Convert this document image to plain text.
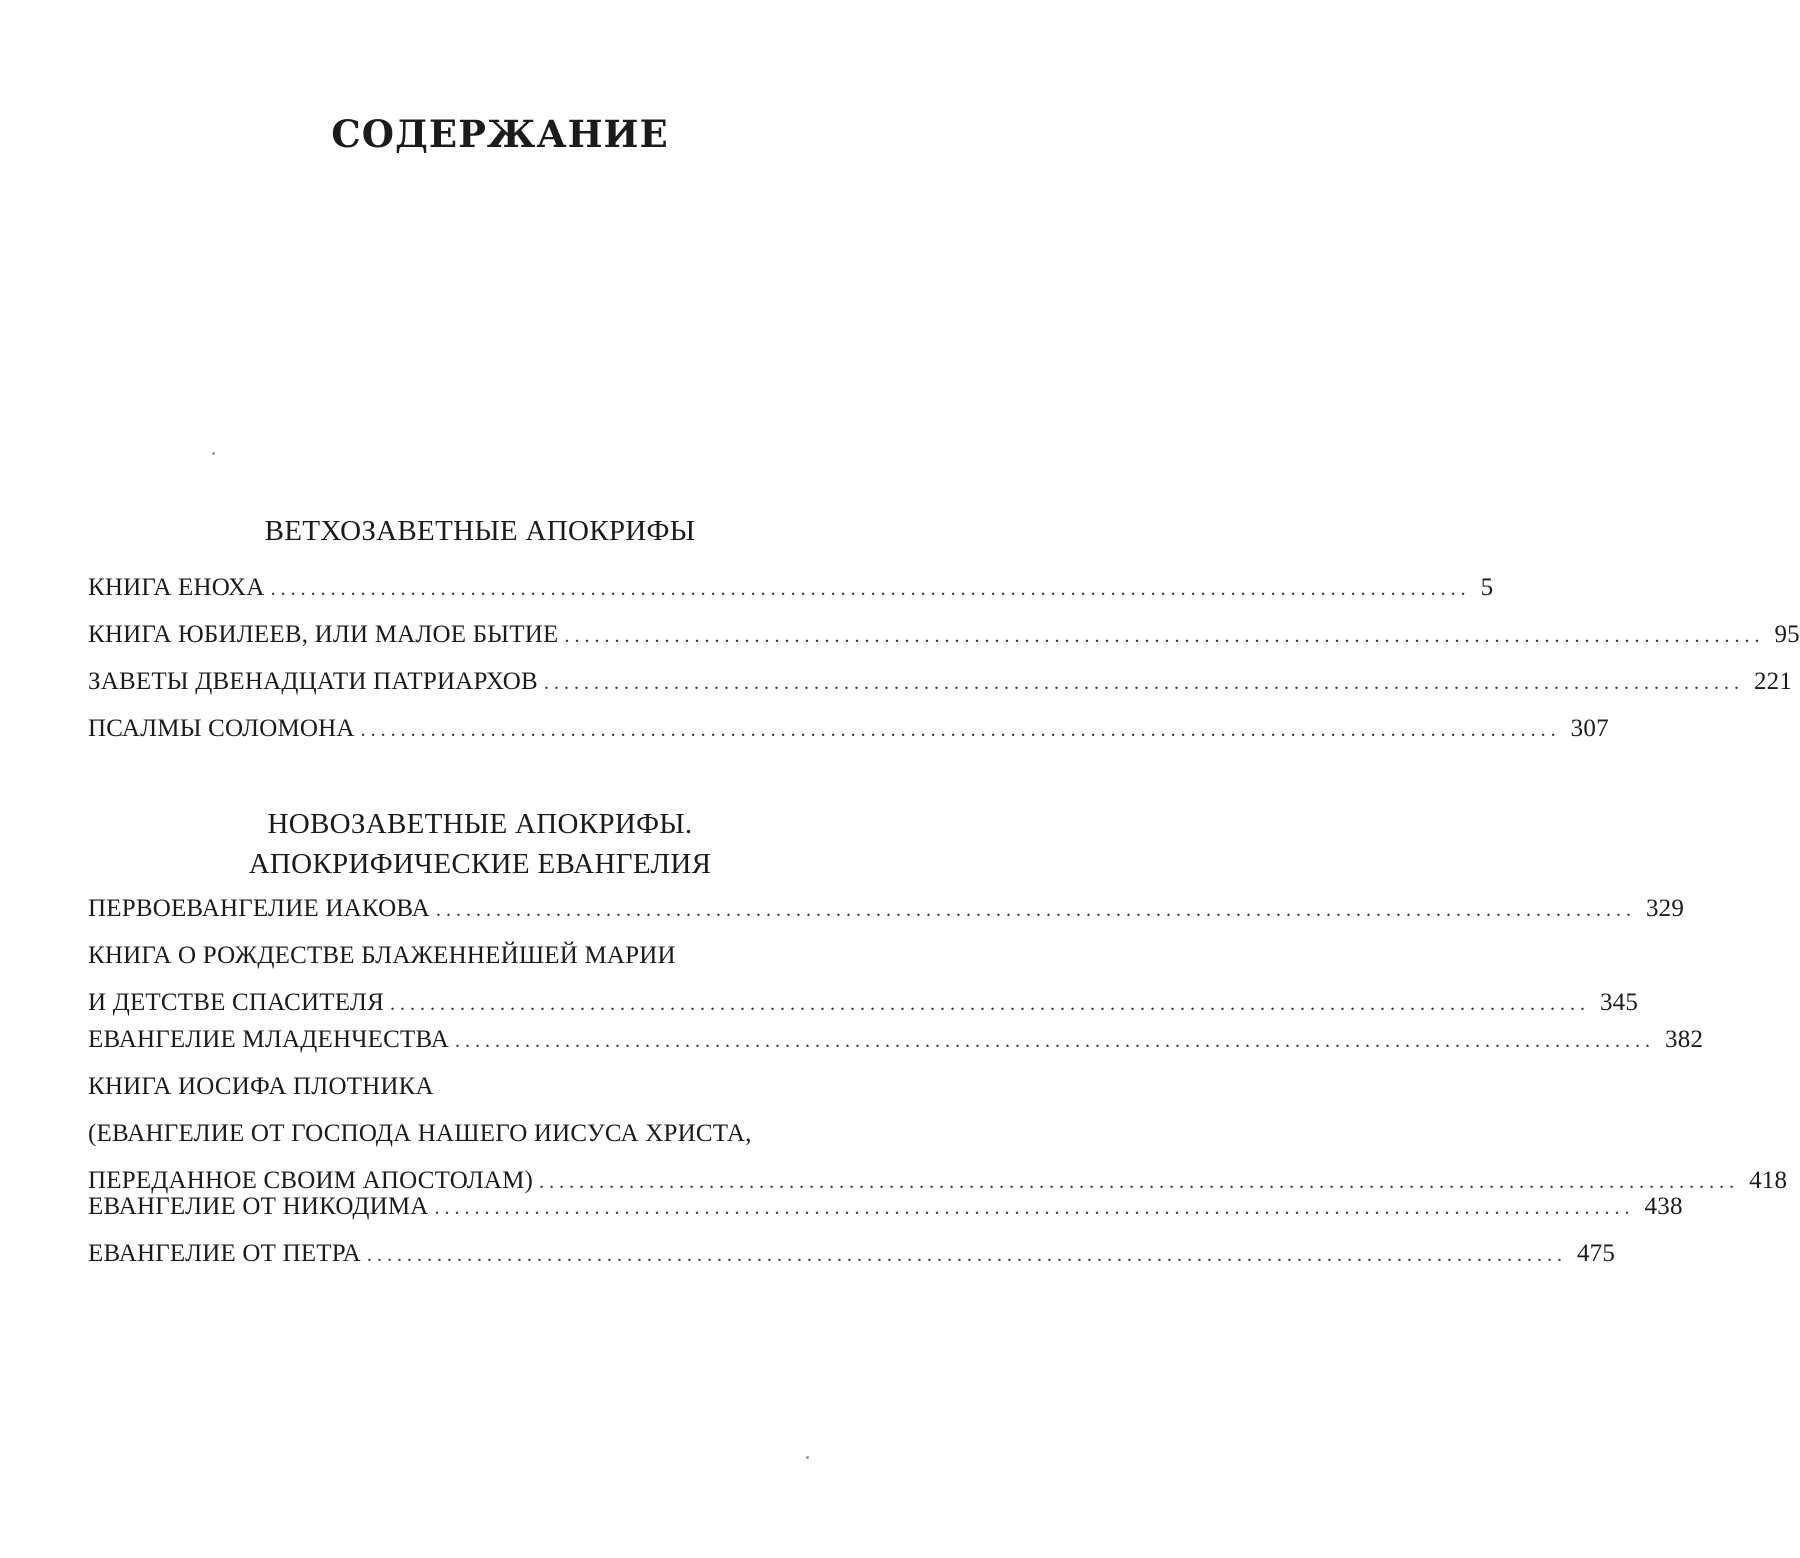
СОДЕРЖАНИЕ
ВЕТХОЗАВЕТНЫЕ АПОКРИФЫ
КНИГА ЕНОХА ........................................................................................................................ 5
КНИГА ЮБИЛЕЕВ, ИЛИ МАЛОЕ БЫТИЕ ........................................................................................................................ 95
ЗАВЕТЫ ДВЕНАДЦАТИ ПАТРИАРХОВ ........................................................................................................................ 221
ПСАЛМЫ СОЛОМОНА ........................................................................................................................ 307
НОВОЗАВЕТНЫЕ АПОКРИФЫ.
АПОКРИФИЧЕСКИЕ ЕВАНГЕЛИЯ
ПЕРВОЕВАНГЕЛИЕ ИАКОВА ........................................................................................................................ 329
КНИГА О РОЖДЕСТВЕ БЛАЖЕННЕЙШЕЙ МАРИИ
И ДЕТСТВЕ СПАСИТЕЛЯ ........................................................................................................................ 345
ЕВАНГЕЛИЕ МЛАДЕНЧЕСТВА ........................................................................................................................ 382
КНИГА ИОСИФА ПЛОТНИКА
(ЕВАНГЕЛИЕ ОТ ГОСПОДА НАШЕГО ИИСУСА ХРИСТА,
ПЕРЕДАННОЕ СВОИМ АПОСТОЛАМ) ........................................................................................................................ 418
ЕВАНГЕЛИЕ ОТ НИКОДИМА ........................................................................................................................ 438
ЕВАНГЕЛИЕ ОТ ПЕТРА ........................................................................................................................ 475
